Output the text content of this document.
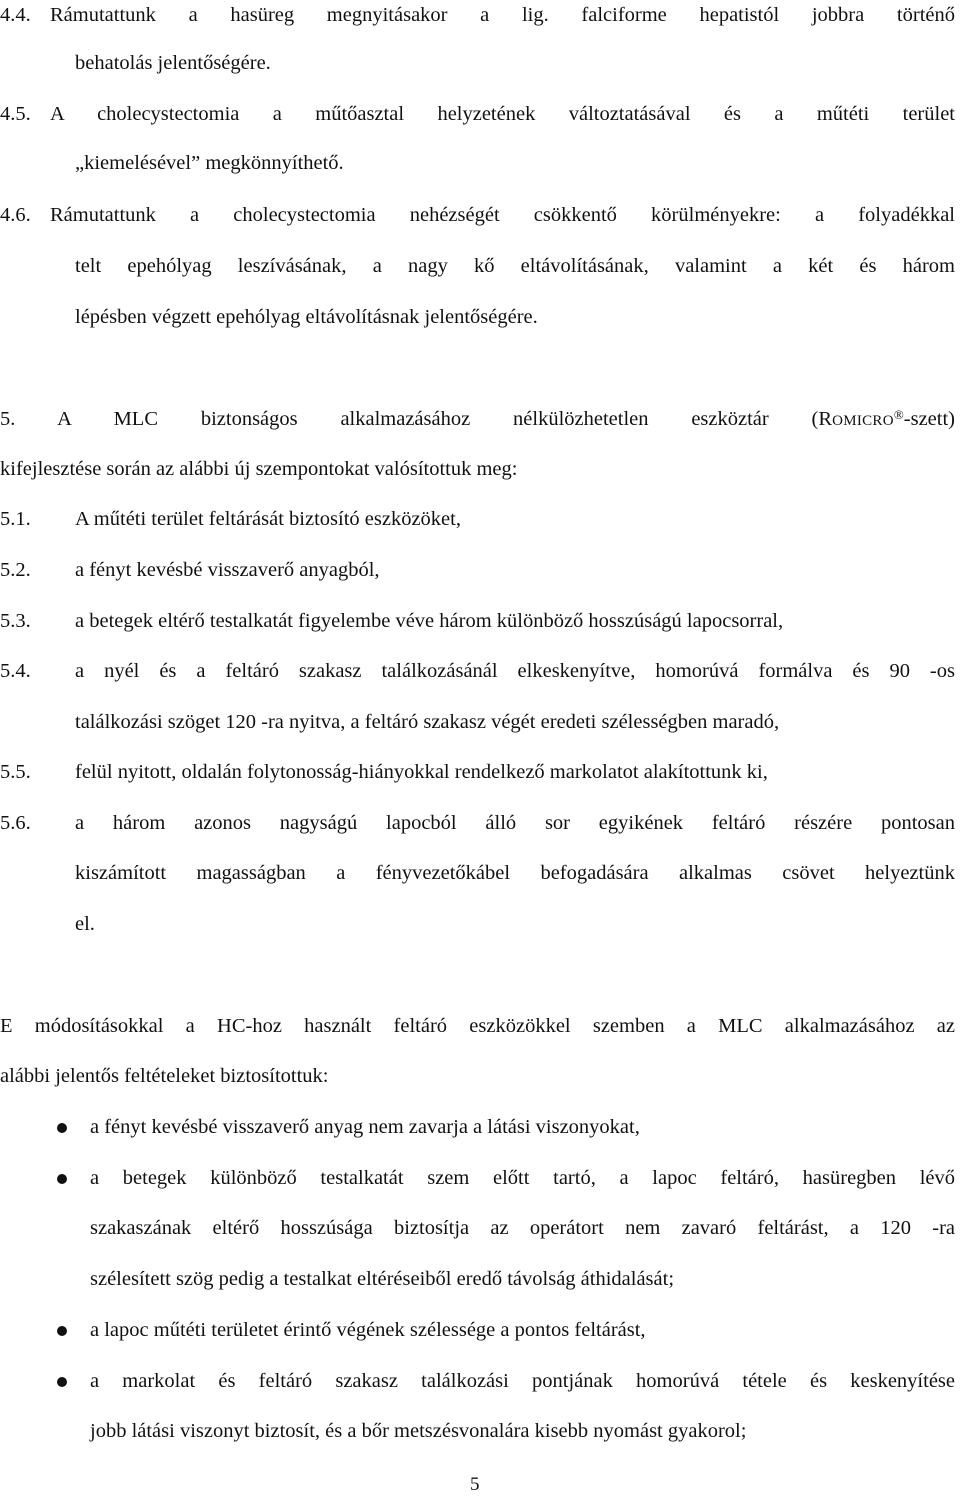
4.4. Rámutattunk a hasüreg megnyitásakor a lig. falciforme hepatistól jobbra történő
behatolás jelentőségére.
4.5. A cholecystectomia a műtőasztal helyzetének változtatásával és a műtéti terület
„kiemelésével” megkönnyíthető.
4.6. Rámutattunk a cholecystectomia nehézségét csökkentő körülményekre: a folyadékkal
telt epehólyag leszívásának, a nagy kő eltávolításának, valamint a két és három
lépésben végzett epehólyag eltávolításnak jelentőségére.
5. A MLC biztonságos alkalmazásához nélkülözhetetlen eszköztár (ROMICRO®-szett)
kifejlesztése során az alábbi új szempontokat valósítottuk meg:
5.1. A műtéti terület feltárását biztosító eszközöket,
5.2. a fényt kevésbé visszaverő anyagból,
5.3. a betegek eltérő testalkatát figyelembe véve három különböző hosszúságú lapocsorral,
5.4. a nyél és a feltáró szakasz találkozásánál elkeskenyítve, homorúvá formálva és 90 -os
találkozási szöget 120 -ra nyitva, a feltáró szakasz végét eredeti szélességben maradó,
5.5. felül nyitott, oldalán folytonosság-hiányokkal rendelkező markolatot alakítottunk ki,
5.6. a három azonos nagyságú lapocból álló sor egyikének feltáró részére pontosan
kiszámított magasságban a fényvezetőkábel befogadására alkalmas csövet helyeztünk
el.
E módosításokkal a HC-hoz használt feltáró eszközökkel szemben a MLC alkalmazásához az
alábbi jelentős feltételeket biztosítottuk:
a fényt kevésbé visszaverő anyag nem zavarja a látási viszonyokat,
a betegek különböző testalkatát szem előtt tartó, a lapoc feltáró, hasüregben lévő
szakaszának eltérő hosszúsága biztosítja az operátort nem zavaró feltárást, a 120 -ra
szélesített szög pedig a testalkat eltéréseiből eredő távolság áthidalását;
a lapoc műtéti területet érintő végének szélessége a pontos feltárást,
a markolat és feltáró szakasz találkozási pontjának homorúvá tétele és keskenyítése
jobb látási viszonyt biztosít, és a bőr metszésvonalára kisebb nyomást gyakorol;
5
